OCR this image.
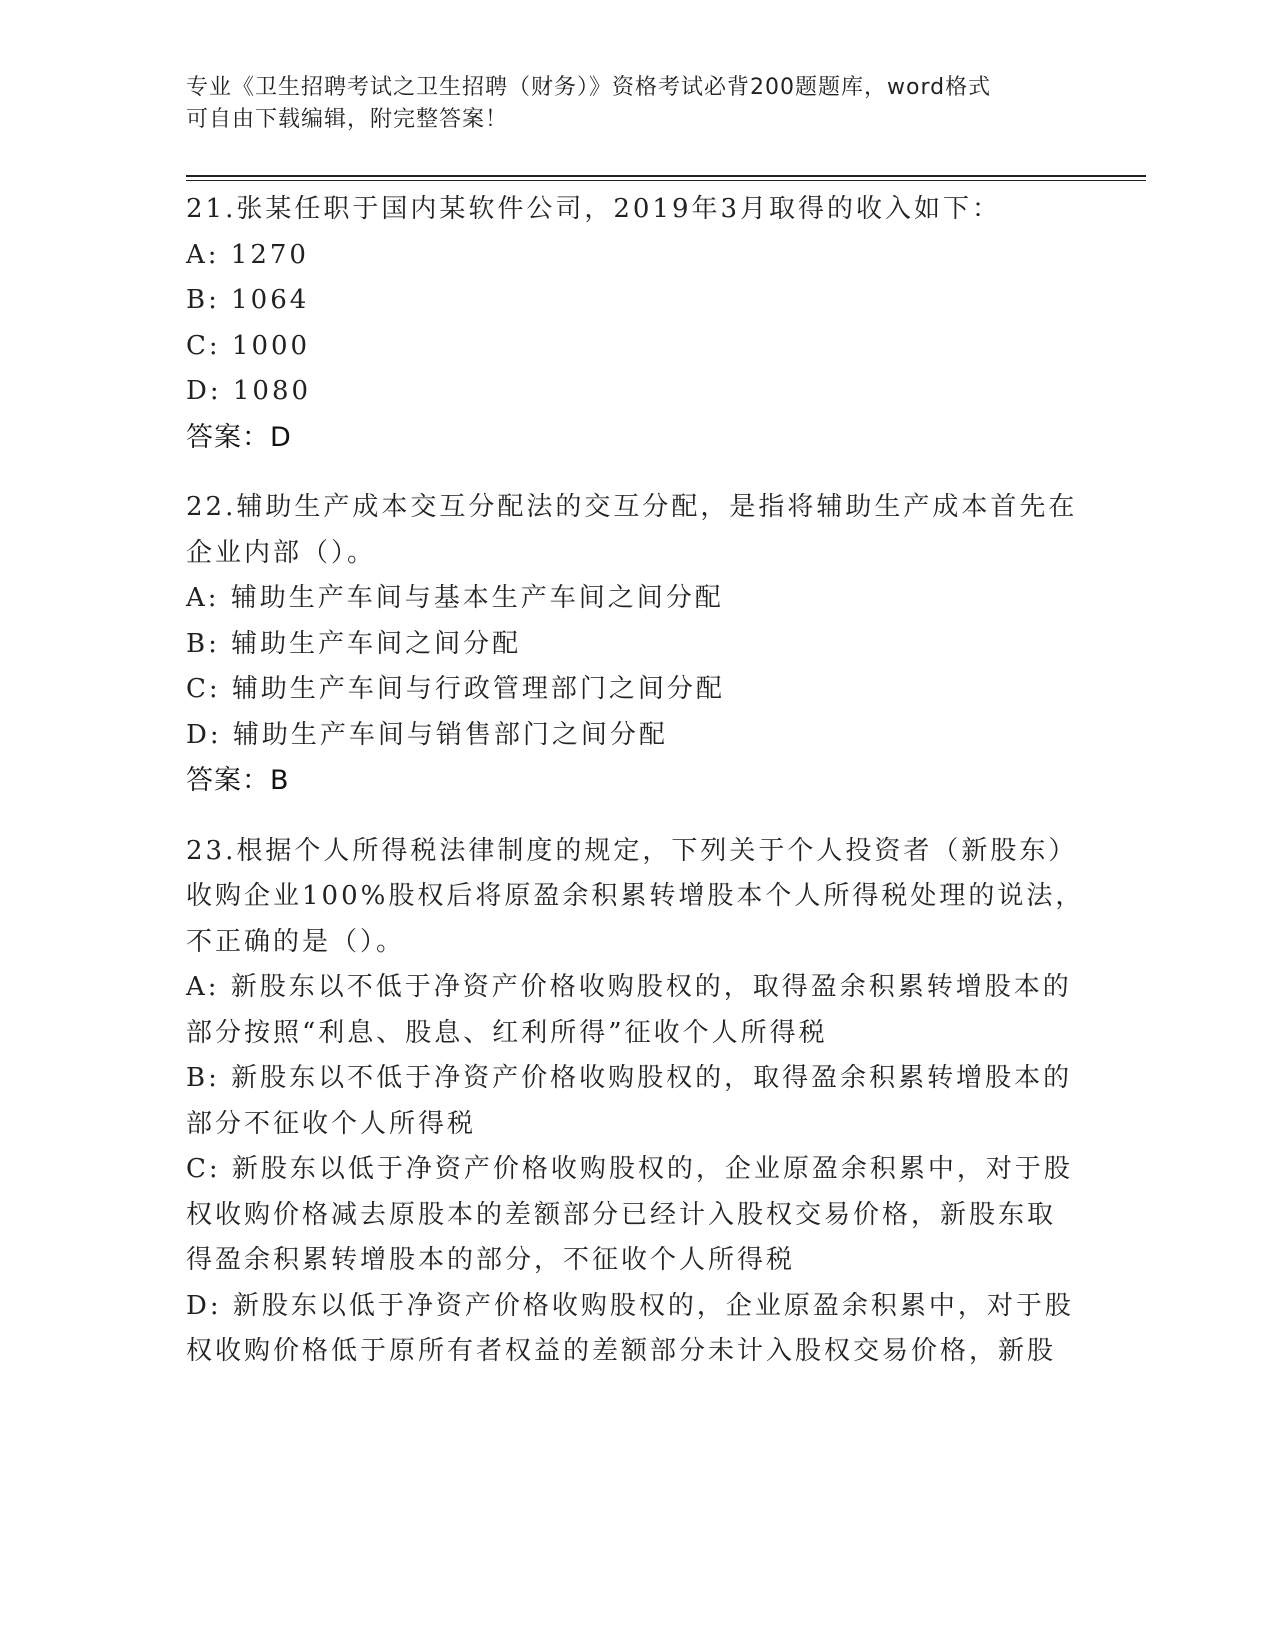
专业《卫生招聘考试之卫生招聘（财务）》资格考试必背200题题库，word格式
可自由下载编辑，附完整答案！
21.张某任职于国内某软件公司，2019年3月取得的收入如下：
A: 1270
B: 1064
C: 1000
D: 1080
答案：D
22.辅助生产成本交互分配法的交互分配，是指将辅助生产成本首先在
企业内部（）。
A: 辅助生产车间与基本生产车间之间分配
B: 辅助生产车间之间分配
C: 辅助生产车间与行政管理部门之间分配
D: 辅助生产车间与销售部门之间分配
答案：B
23.根据个人所得税法律制度的规定，下列关于个人投资者（新股东）
收购企业100%股权后将原盈余积累转增股本个人所得税处理的说法，
不正确的是（）。
A: 新股东以不低于净资产价格收购股权的，取得盈余积累转增股本的
部分按照“利息、股息、红利所得”征收个人所得税
B: 新股东以不低于净资产价格收购股权的，取得盈余积累转增股本的
部分不征收个人所得税
C: 新股东以低于净资产价格收购股权的，企业原盈余积累中，对于股
权收购价格减去原股本的差额部分已经计入股权交易价格，新股东取
得盈余积累转增股本的部分，不征收个人所得税
D: 新股东以低于净资产价格收购股权的，企业原盈余积累中，对于股
权收购价格低于原所有者权益的差额部分未计入股权交易价格，新股
